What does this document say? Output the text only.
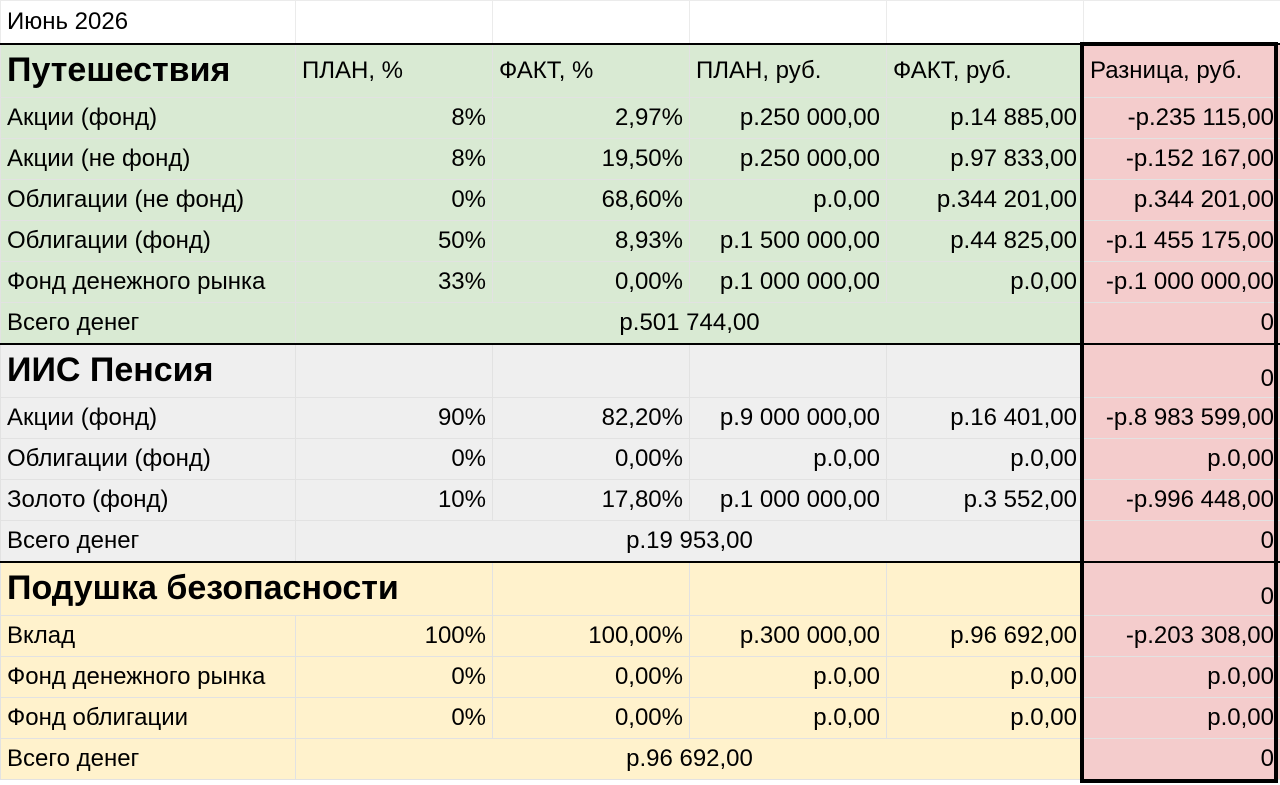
Июнь 2026					
Путешествия	ПЛАН, %	ФАКТ, %	ПЛАН, руб.	ФАКТ, руб.	Разница, руб.
Акции (фонд)	8%	2,97%	р.250 000,00	р.14 885,00	-р.235 115,00
Акции (не фонд)	8%	19,50%	р.250 000,00	р.97 833,00	-р.152 167,00
Облигации (не фонд)	0%	68,60%	р.0,00	р.344 201,00	р.344 201,00
Облигации (фонд)	50%	8,93%	р.1 500 000,00	р.44 825,00	-р.1 455 175,00
Фонд денежного рынка	33%	0,00%	р.1 000 000,00	р.0,00	-р.1 000 000,00
Всего денег	р.501 744,00				0
ИИС Пенсия					0
Акции (фонд)	90%	82,20%	р.9 000 000,00	р.16 401,00	-р.8 983 599,00
Облигации (фонд)	0%	0,00%	р.0,00	р.0,00	р.0,00
Золото (фонд)	10%	17,80%	р.1 000 000,00	р.3 552,00	-р.996 448,00
Всего денег	р.19 953,00				0
Подушка безопасности					0
Вклад	100%	100,00%	р.300 000,00	р.96 692,00	-р.203 308,00
Фонд денежного рынка	0%	0,00%	р.0,00	р.0,00	р.0,00
Фонд облигации	0%	0,00%	р.0,00	р.0,00	р.0,00
Всего денег	р.96 692,00				0
